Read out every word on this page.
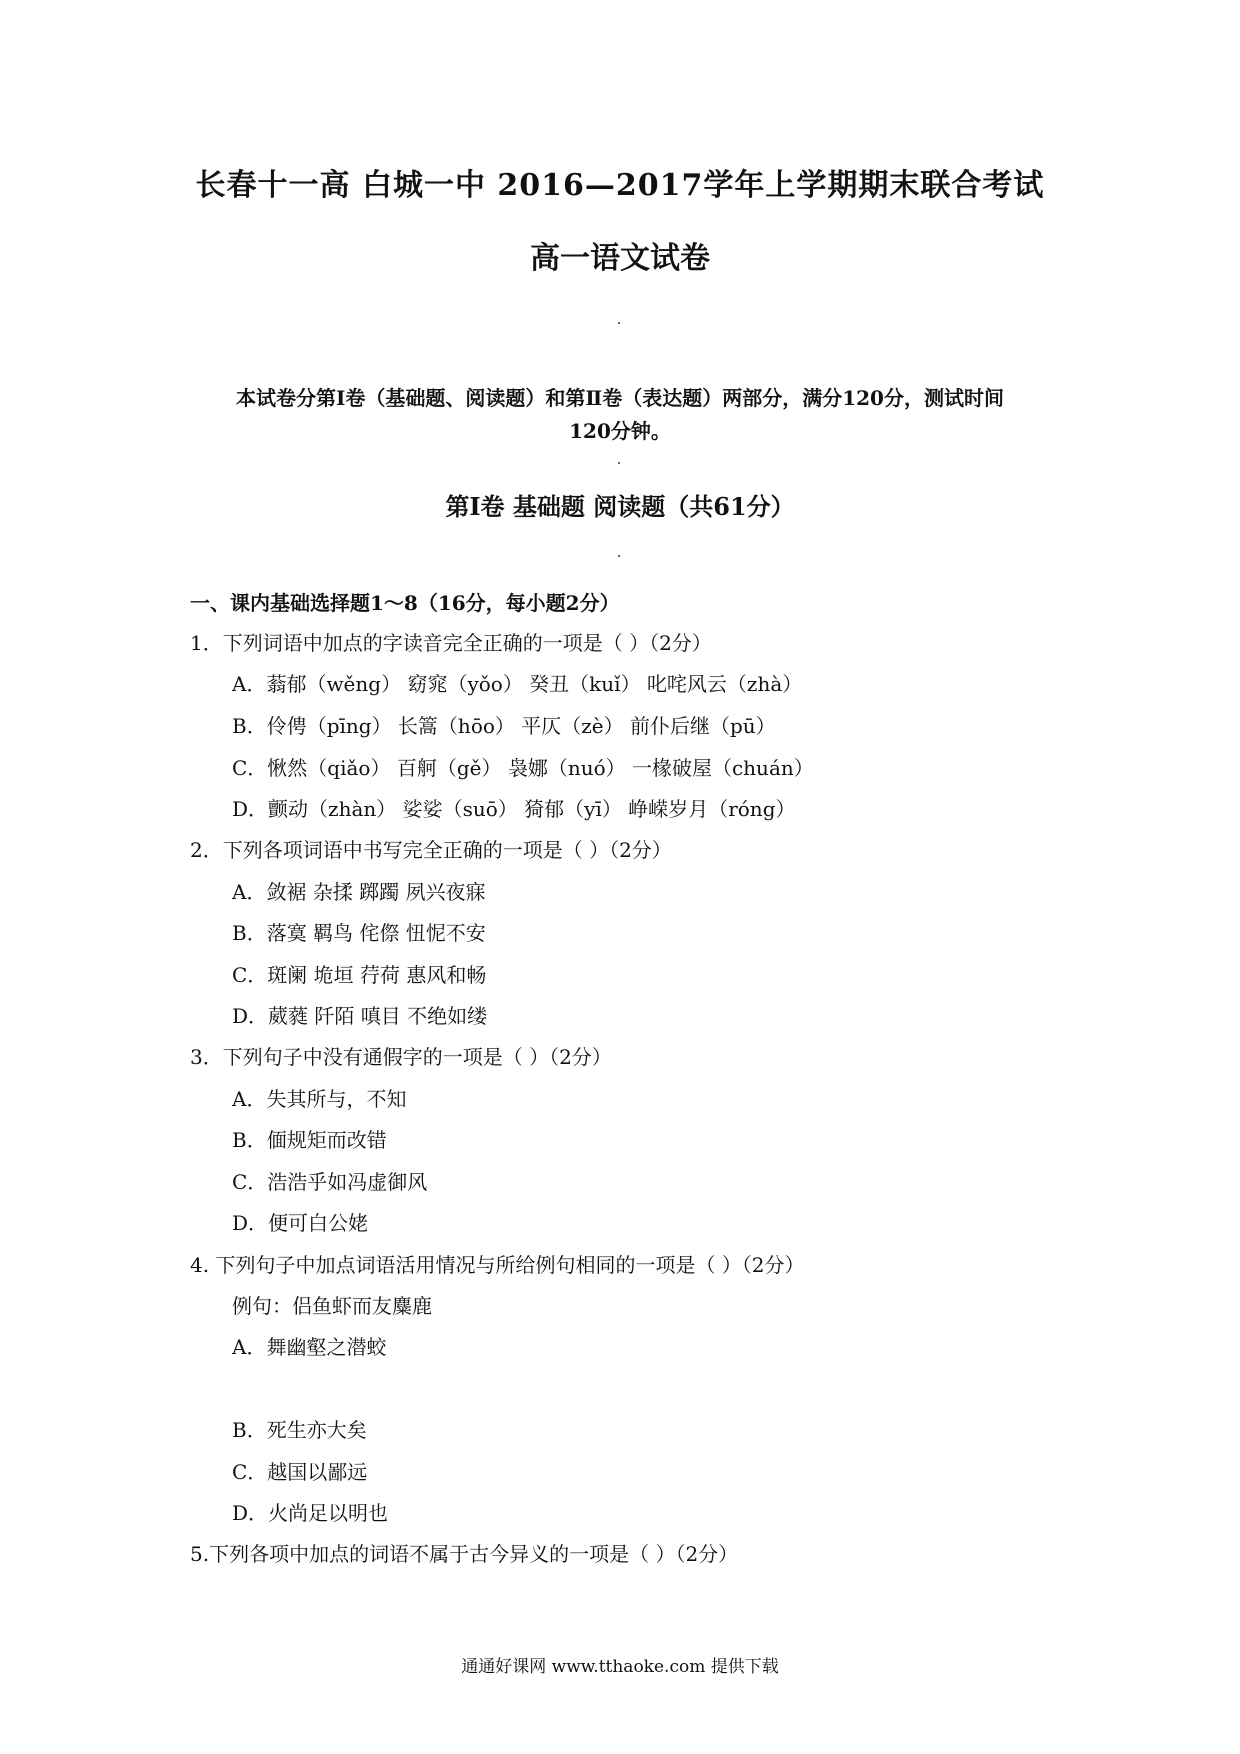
长春十一高 白城一中 2016—2017学年上学期期末联合考试
高一语文试卷
本试卷分第Ⅰ卷（基础题、阅读题）和第Ⅱ卷（表达题）两部分，满分120分，测试时间
120分钟。
第Ⅰ卷 基础题 阅读题（共61分）
一、课内基础选择题1～8（16分，每小题2分）
1．下列词语中加点的字读音完全正确的一项是（ ）（2分）
A．蓊郁（wěng） 窈窕（yǒo） 癸丑（kuǐ） 叱咤风云（zhà）
B．伶俜（pīng） 长篙（hōo） 平仄（zè） 前仆后继（pū）
C．愀然（qiǎo） 百舸（gě） 袅娜（nuó） 一椽破屋（chuán）
D．颤动（zhàn） 娑娑（suō） 猗郁（yī） 峥嵘岁月（róng）
2．下列各项词语中书写完全正确的一项是（ ）（2分）
A．敛裾 杂揉 踯躅 夙兴夜寐
B．落寞 羁鸟 侘傺 忸怩不安
C．斑阑 垝垣 荇荷 惠风和畅
D．葳蕤 阡陌 嗔目 不绝如缕
3．下列句子中没有通假字的一项是（ ）（2分）
A．失其所与，不知
B．偭规矩而改错
C．浩浩乎如冯虚御风
D．便可白公姥
4. 下列句子中加点词语活用情况与所给例句相同的一项是（ ）（2分）
例句：侣鱼虾而友麋鹿
A．舞幽壑之潜蛟
B．死生亦大矣
C．越国以鄙远
D．火尚足以明也
5.下列各项中加点的词语不属于古今异义的一项是（ ）（2分）
通通好课网 www.tthaoke.com 提供下载
